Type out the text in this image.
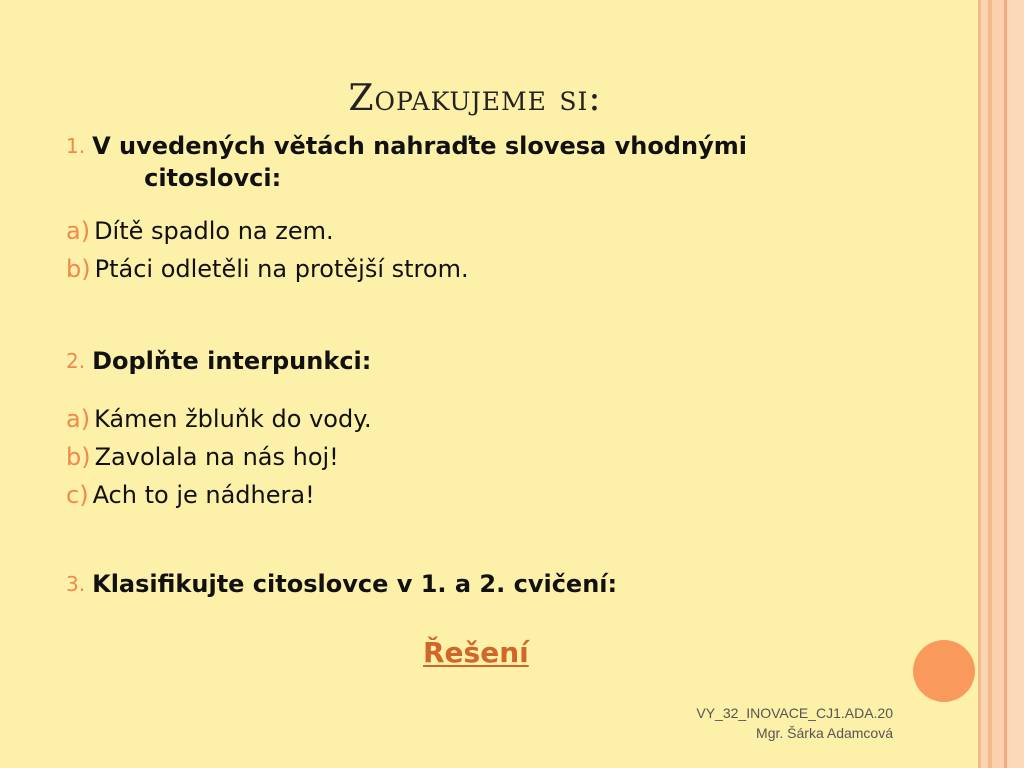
Zopakujeme si:
1. V uvedených větách nahraďte slovesa vhodnými
citoslovci:
a) Dítě spadlo na zem.
b) Ptáci odletěli na protější strom.
2. Doplňte interpunkci:
a) Kámen žbluňk do vody.
b) Zavolala na nás hoj!
c) Ach to je nádhera!
3. Klasifikujte citoslovce v 1. a 2. cvičení:
Řešení
VY_32_INOVACE_CJ1.ADA.20
Mgr. Šárka Adamcová
